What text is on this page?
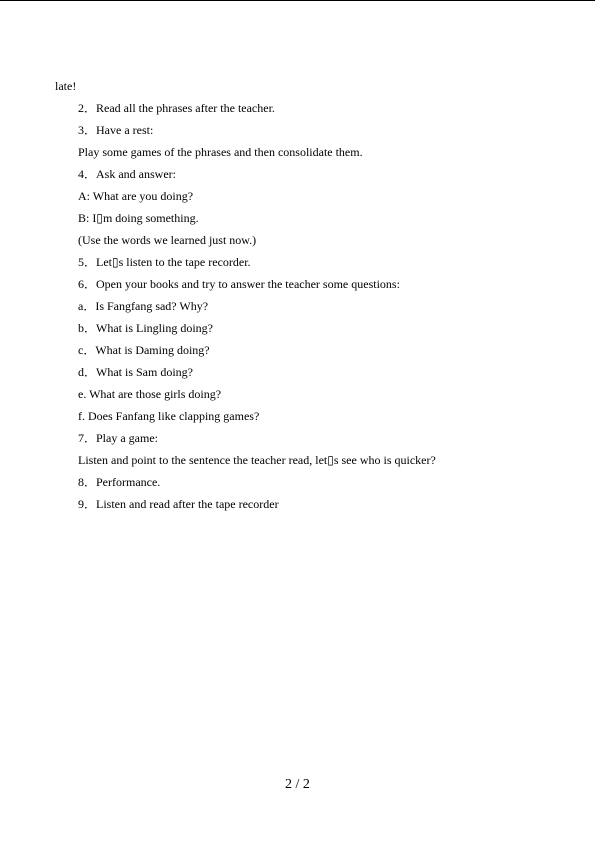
late!
2．Read all the phrases after the teacher.
3．Have a rest:
Play some games of the phrases and then consolidate them.
4．Ask and answer:
A: What are you doing?
B: I▯m doing something.
(Use the words we learned just now.)
5．Let▯s listen to the tape recorder.
6．Open your books and try to answer the teacher some questions:
a．Is Fangfang sad? Why?
b．What is Lingling doing?
c．What is Daming doing?
d．What is Sam doing?
e. What are those girls doing?
f. Does Fanfang like clapping games?
7．Play a game:
Listen and point to the sentence the teacher read, let▯s see who is quicker?
8．Performance.
9．Listen and read after the tape recorder
2 / 2
